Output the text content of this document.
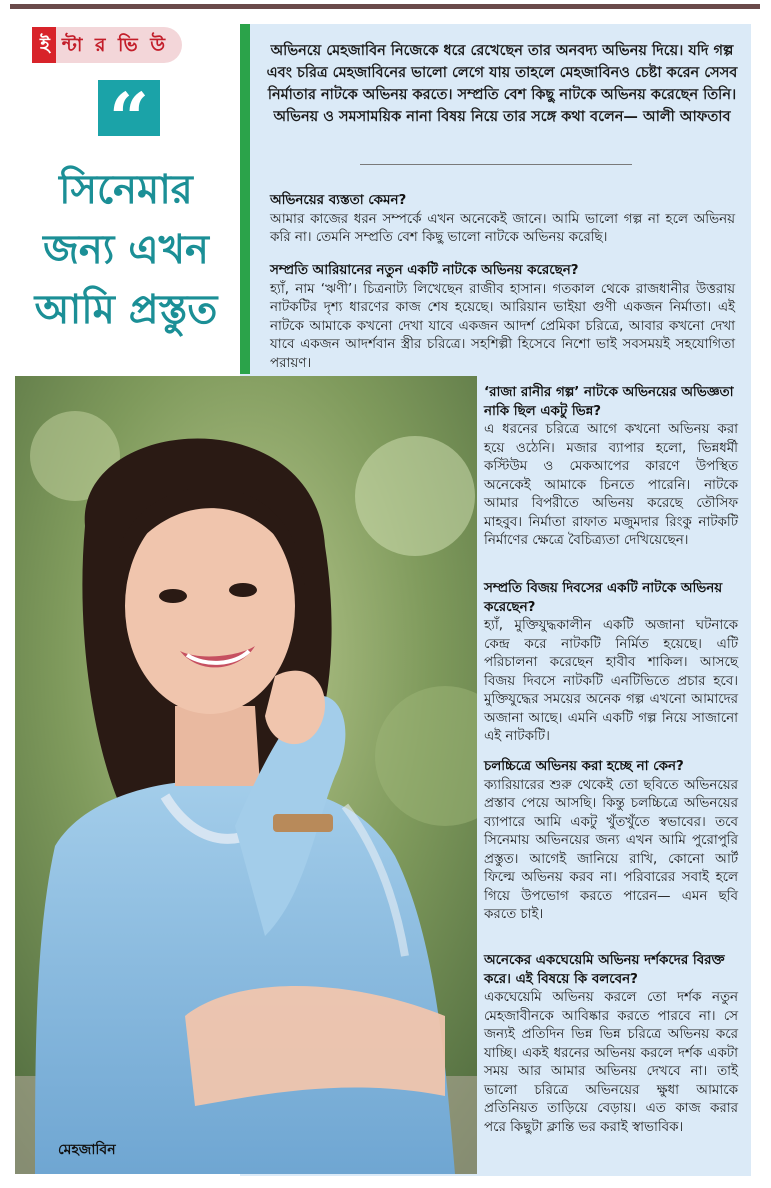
ই ন্টা র ভি উ
“
সিনেমার
জন্য এখন
আমি প্রস্তুত
অভিনয়ে মেহজাবিন নিজেকে ধরে রেখেছেন তার অনবদ্য অভিনয় দিয়ে। যদি গল্প এবং চরিত্র মেহজাবিনের ভালো লেগে যায় তাহলে মেহজাবিনও চেষ্টা করেন সেসব নির্মাতার নাটকে অভিনয় করতে। সম্প্রতি বেশ কিছু নাটকে অভিনয় করেছেন তিনি। অভিনয় ও সমসাময়িক নানা বিষয় নিয়ে তার সঙ্গে কথা বলেন— আলী আফতাব
অভিনয়ের ব্যস্ততা কেমন?
আমার কাজের ধরন সম্পর্কে এখন অনেকেই জানে। আমি ভালো গল্প না হলে অভিনয় করি না। তেমনি সম্প্রতি বেশ কিছু ভালো নাটকে অভিনয় করেছি।
সম্প্রতি আরিয়ানের নতুন একটি নাটকে অভিনয় করেছেন?
হ্যাঁ, নাম ‘ঋণী’। চিত্রনাট্য লিখেছেন রাজীব হাসান। গতকাল থেকে রাজধানীর উত্তরায় নাটকটির দৃশ্য ধারণের কাজ শেষ হয়েছে। আরিয়ান ভাইয়া গুণী একজন নির্মাতা। এই নাটকে আমাকে কখনো দেখা যাবে একজন আদর্শ প্রেমিকা চরিত্রে, আবার কখনো দেখা যাবে একজন আদর্শবান স্ত্রীর চরিত্রে। সহশিল্পী হিসেবে নিশো ভাই সবসময়ই সহযোগিতা পরায়ণ।
‘রাজা রানীর গল্প’ নাটকে অভিনয়ের অভিজ্ঞতা নাকি ছিল একটু ভিন্ন?
এ ধরনের চরিত্রে আগে কখনো অভিনয় করা হয়ে ওঠেনি। মজার ব্যাপার হলো, ভিন্নধর্মী কস্টিউম ও মেকআপের কারণে উপস্থিত অনেকেই আমাকে চিনতে পারেনি। নাটকে আমার বিপরীতে অভিনয় করেছে তৌসিফ মাহবুব। নির্মাতা রাফাত মজুমদার রিংকু নাটকটি নির্মাণের ক্ষেত্রে বৈচিত্র্যতা দেখিয়েছেন।
সম্প্রতি বিজয় দিবসের একটি নাটকে অভিনয় করেছেন?
হ্যাঁ, মুক্তিযুদ্ধকালীন একটি অজানা ঘটনাকে কেন্দ্র করে নাটকটি নির্মিত হয়েছে। এটি পরিচালনা করেছেন হাবীব শাকিল। আসছে বিজয় দিবসে নাটকটি এনটিভিতে প্রচার হবে। মুক্তিযুদ্ধের সময়ের অনেক গল্প এখনো আমাদের অজানা আছে। এমনি একটি গল্প নিয়ে সাজানো এই নাটকটি।
চলচ্চিত্রে অভিনয় করা হচ্ছে না কেন?
ক্যারিয়ারের শুরু থেকেই তো ছবিতে অভিনয়ের প্রস্তাব পেয়ে আসছি। কিন্তু চলচ্চিত্রে অভিনয়ের ব্যাপারে আমি একটু খুঁতখুঁতে স্বভাবের। তবে সিনেমায় অভিনয়ের জন্য এখন আমি পুরোপুরি প্রস্তুত। আগেই জানিয়ে রাখি, কোনো আর্ট ফিল্মে অভিনয় করব না। পরিবারের সবাই হলে গিয়ে উপভোগ করতে পারেন— এমন ছবি করতে চাই।
অনেকের একঘেয়েমি অভিনয় দর্শকদের বিরক্ত করে। এই বিষয়ে কি বলবেন?
একঘেয়েমি অভিনয় করলে তো দর্শক নতুন মেহজাবীনকে আবিষ্কার করতে পারবে না। সে জন্যই প্রতিদিন ভিন্ন ভিন্ন চরিত্রে অভিনয় করে যাচ্ছি। একই ধরনের অভিনয় করলে দর্শক একটা সময় আর আমার অভিনয় দেখবে না। তাই ভালো চরিত্রে অভিনয়ের ক্ষুধা আমাকে প্রতিনিয়ত তাড়িয়ে বেড়ায়। এত কাজ করার পরে কিছুটা ক্লান্তি ভর করাই স্বাভাবিক।
মেহজাবিন
